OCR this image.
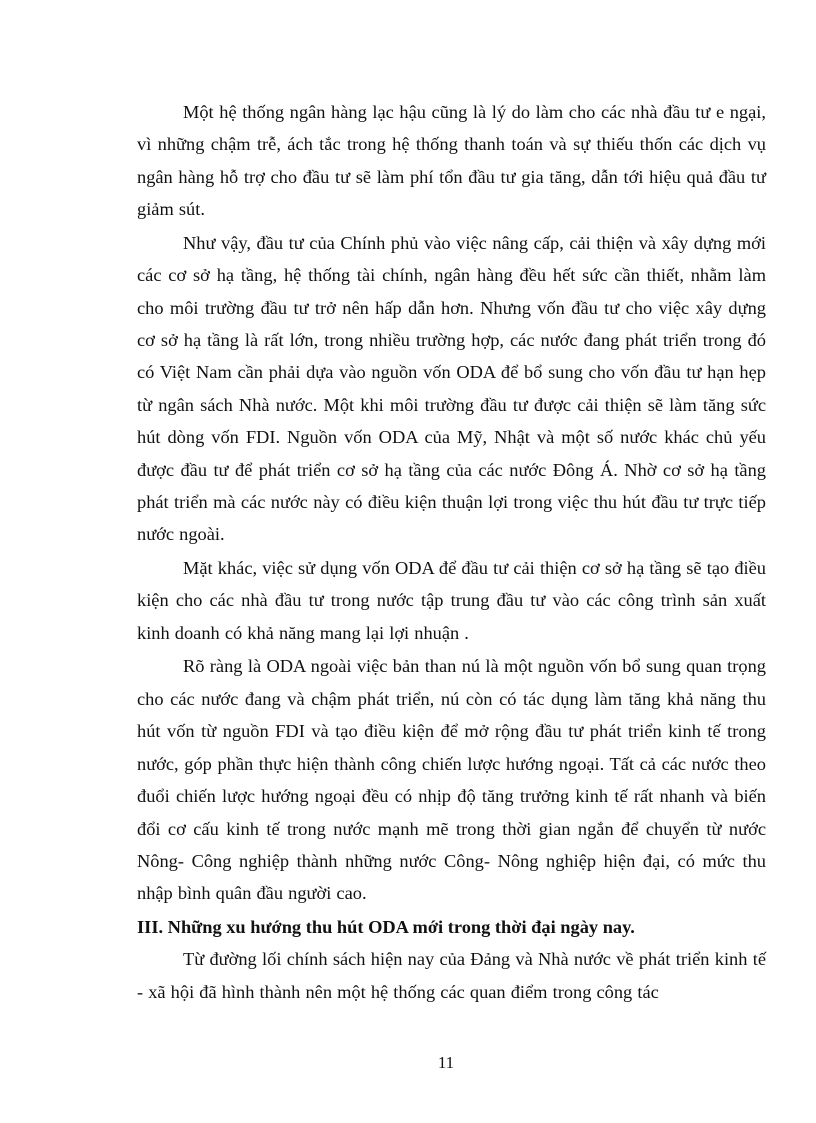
Một hệ thống ngân hàng lạc hậu cũng là lý do làm cho các nhà đầu tư e ngại, vì những chậm trễ, ách tắc trong hệ thống thanh toán và sự thiếu thốn các dịch vụ ngân hàng hỗ trợ cho đầu tư sẽ làm phí tổn đầu tư gia tăng, dẫn tới hiệu quả đầu tư giảm sút.

Như vậy, đầu tư của Chính phủ vào việc nâng cấp, cải thiện và xây dựng mới các cơ sở hạ tầng, hệ thống tài chính, ngân hàng đều hết sức cần thiết, nhằm làm cho môi trường đầu tư trở nên hấp dẫn hơn. Nhưng vốn đầu tư cho việc xây dựng cơ sở hạ tầng là rất lớn, trong nhiều trường hợp, các nước đang phát triển trong đó có Việt Nam cần phải dựa vào nguồn vốn ODA để bổ sung cho vốn đầu tư hạn hẹp từ ngân sách Nhà nước. Một khi môi trường đầu tư được cải thiện sẽ làm tăng sức hút dòng vốn FDI. Nguồn vốn ODA của Mỹ, Nhật và một số nước khác chủ yếu được đầu tư để phát triển cơ sở hạ tầng của các nước Đông Á. Nhờ cơ sở hạ tầng phát triển mà các nước này có điều kiện thuận lợi trong việc thu hút đầu tư trực tiếp nước ngoài.

Mặt khác, việc sử dụng vốn ODA để đầu tư cải thiện cơ sở hạ tầng sẽ tạo điều kiện cho các nhà đầu tư trong nước tập trung đầu tư vào các công trình sản xuất kinh doanh có khả năng mang lại lợi nhuận .

Rõ ràng là ODA ngoài việc bản than nú là một nguồn vốn bổ sung quan trọng cho các nước đang và chậm phát triển, nú còn có tác dụng làm tăng khả năng thu hút vốn từ nguồn FDI và tạo điều kiện để mở rộng đầu tư phát triển kinh tế trong nước, góp phần thực hiện thành công chiến lược hướng ngoại. Tất cả các nước theo đuổi chiến lược hướng ngoại đều có nhịp độ tăng trưởng kinh tế rất nhanh và biến đổi cơ cấu kinh tế trong nước mạnh mẽ trong thời gian ngắn để chuyển từ nước Nông- Công nghiệp thành những nước Công- Nông nghiệp hiện đại, có mức thu nhập bình quân đầu người cao.

III. Những xu hướng thu hút ODA mới trong thời đại ngày nay.

Từ đường lối chính sách hiện nay của Đảng và Nhà nước về phát triển kinh tế - xã hội đã hình thành nên một hệ thống các quan điểm trong công tác

11
